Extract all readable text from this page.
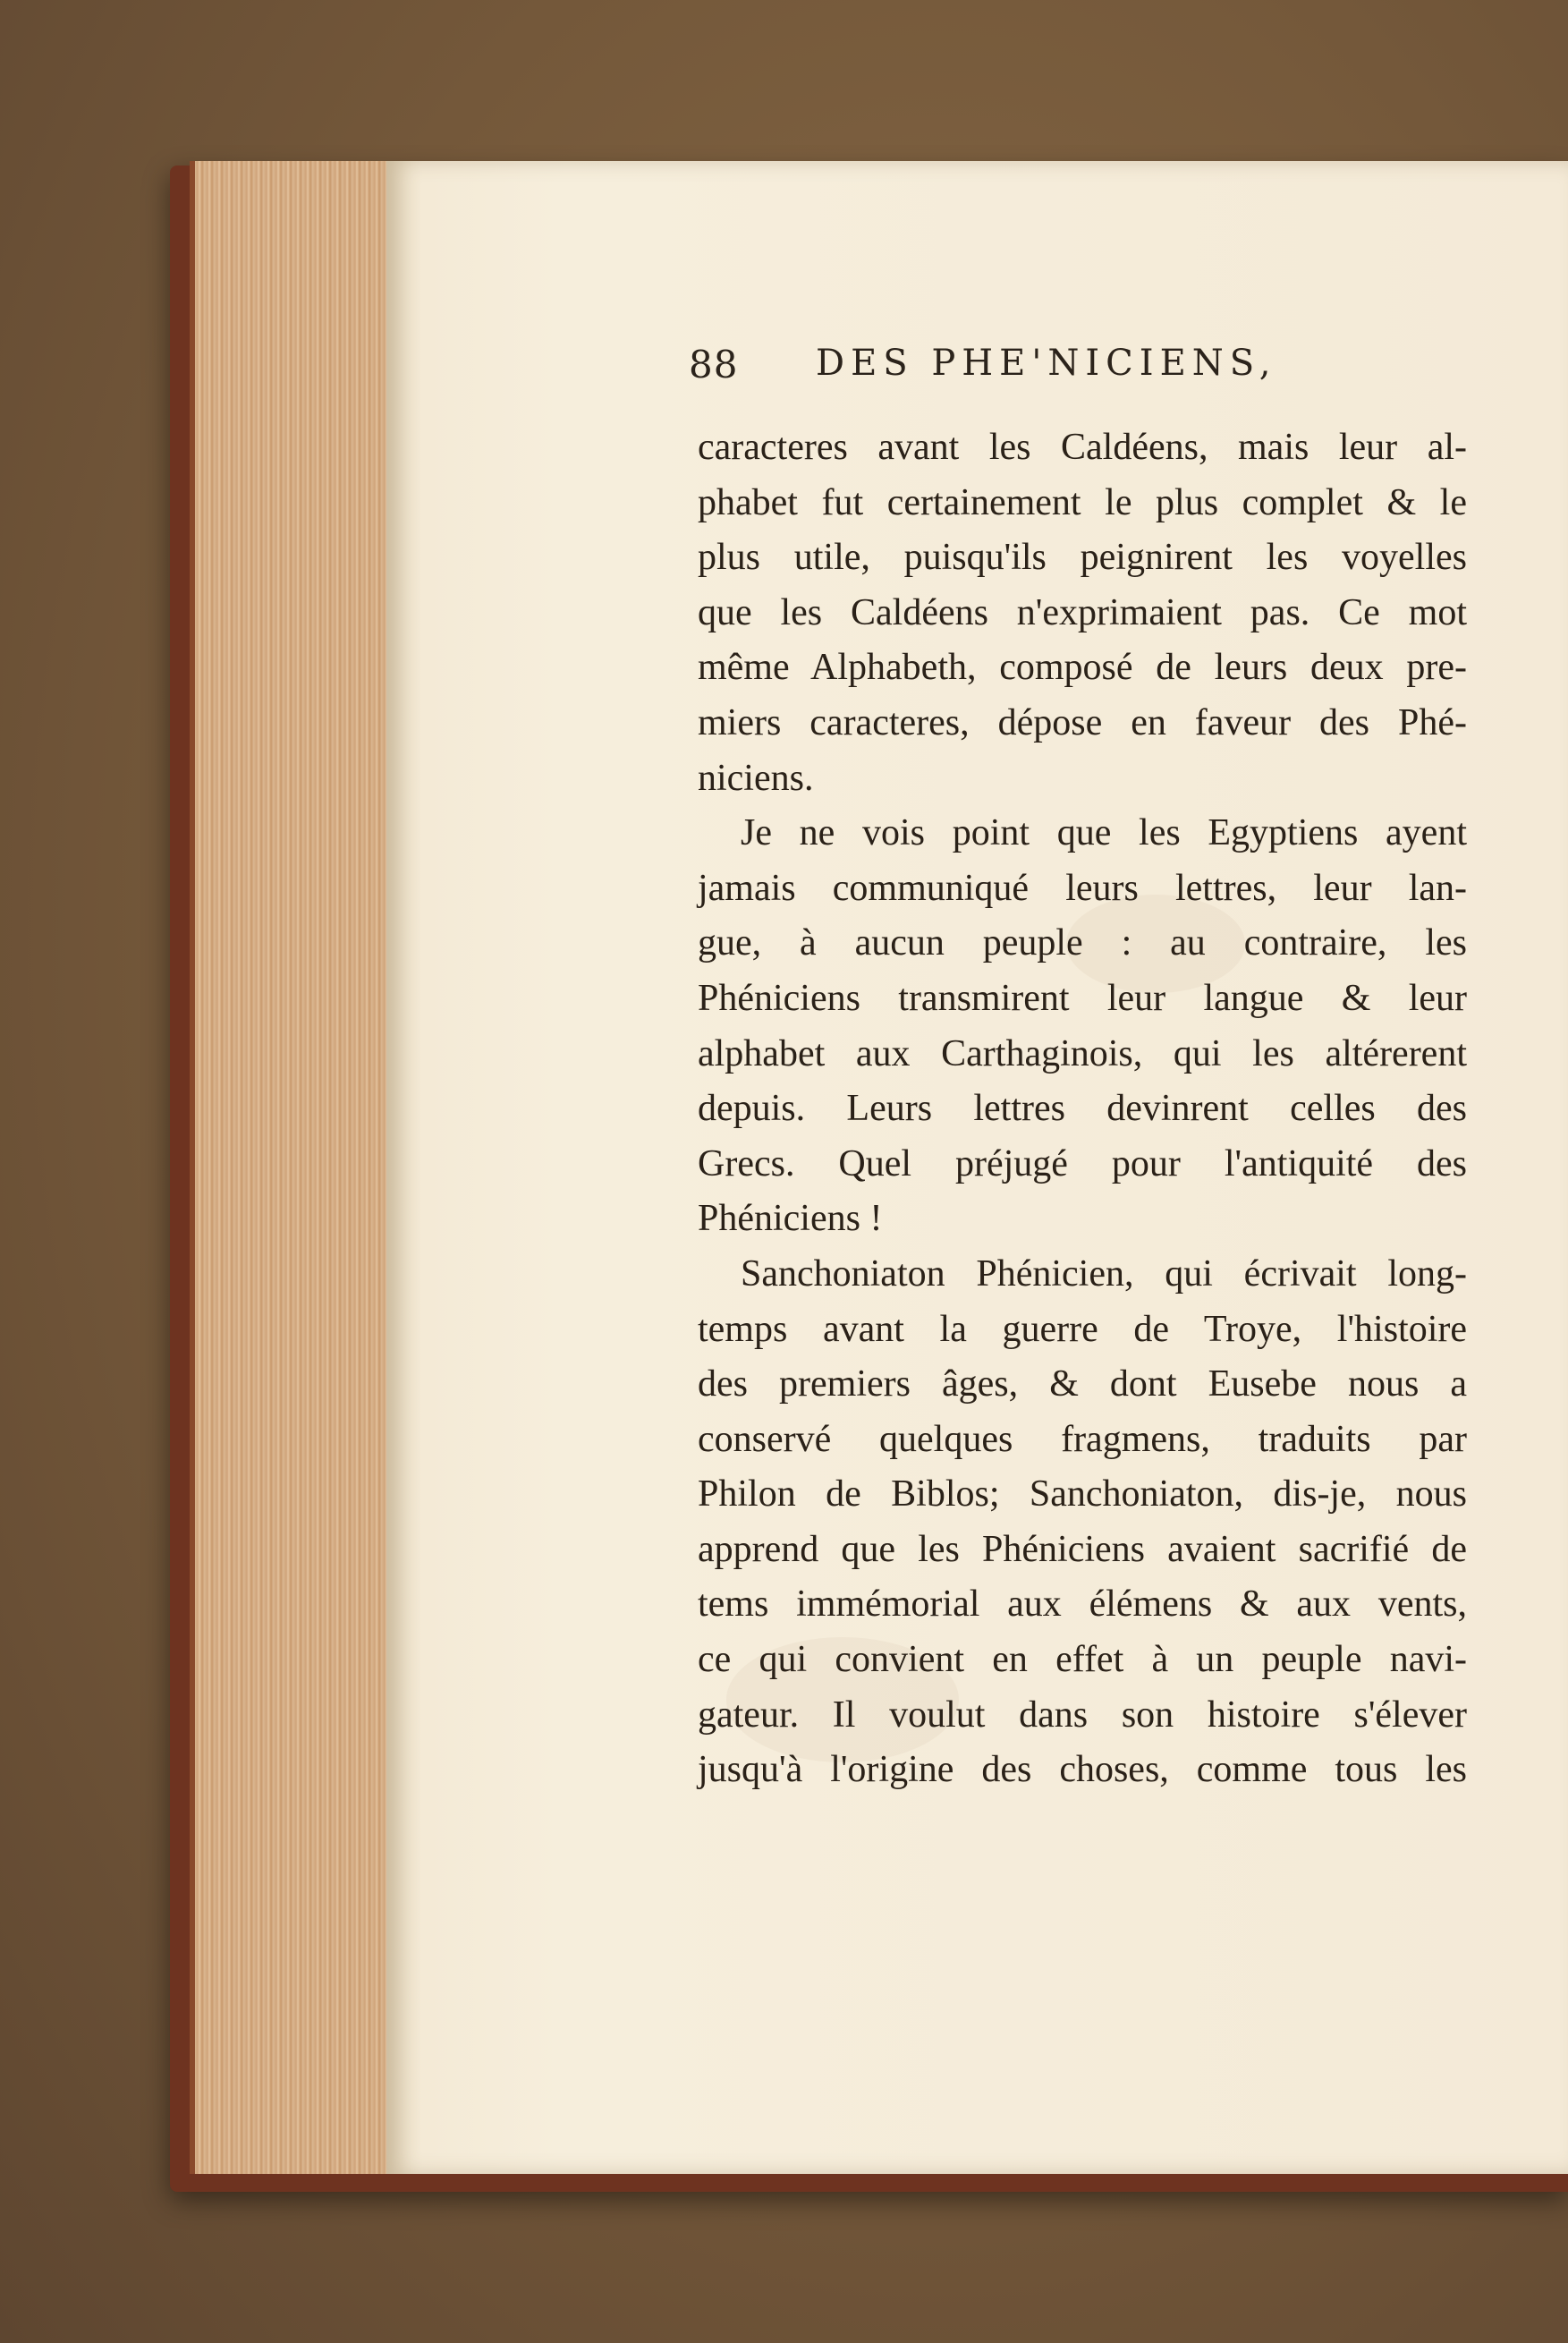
88 DES PHE'NICIENS,
caracteres avant les Caldéens, mais leur al-
phabet fut certainement le plus complet & le
plus utile, puisqu'ils peignirent les voyelles
que les Caldéens n'exprimaient pas. Ce mot
même Alphabeth, composé de leurs deux pre-
miers caracteres, dépose en faveur des Phé-
niciens.
Je ne vois point que les Egyptiens ayent
jamais communiqué leurs lettres, leur lan-
gue, à aucun peuple : au contraire, les
Phéniciens transmirent leur langue & leur
alphabet aux Carthaginois, qui les altérerent
depuis. Leurs lettres devinrent celles des
Grecs. Quel préjugé pour l'antiquité des
Phéniciens !
Sanchoniaton Phénicien, qui écrivait long-
temps avant la guerre de Troye, l'histoire
des premiers âges, & dont Eusebe nous a
conservé quelques fragmens, traduits par
Philon de Biblos; Sanchoniaton, dis-je, nous
apprend que les Phéniciens avaient sacrifié de
tems immémorial aux élémens & aux vents,
ce qui convient en effet à un peuple navi-
gateur. Il voulut dans son histoire s'élever
jusqu'à l'origine des choses, comme tous les
